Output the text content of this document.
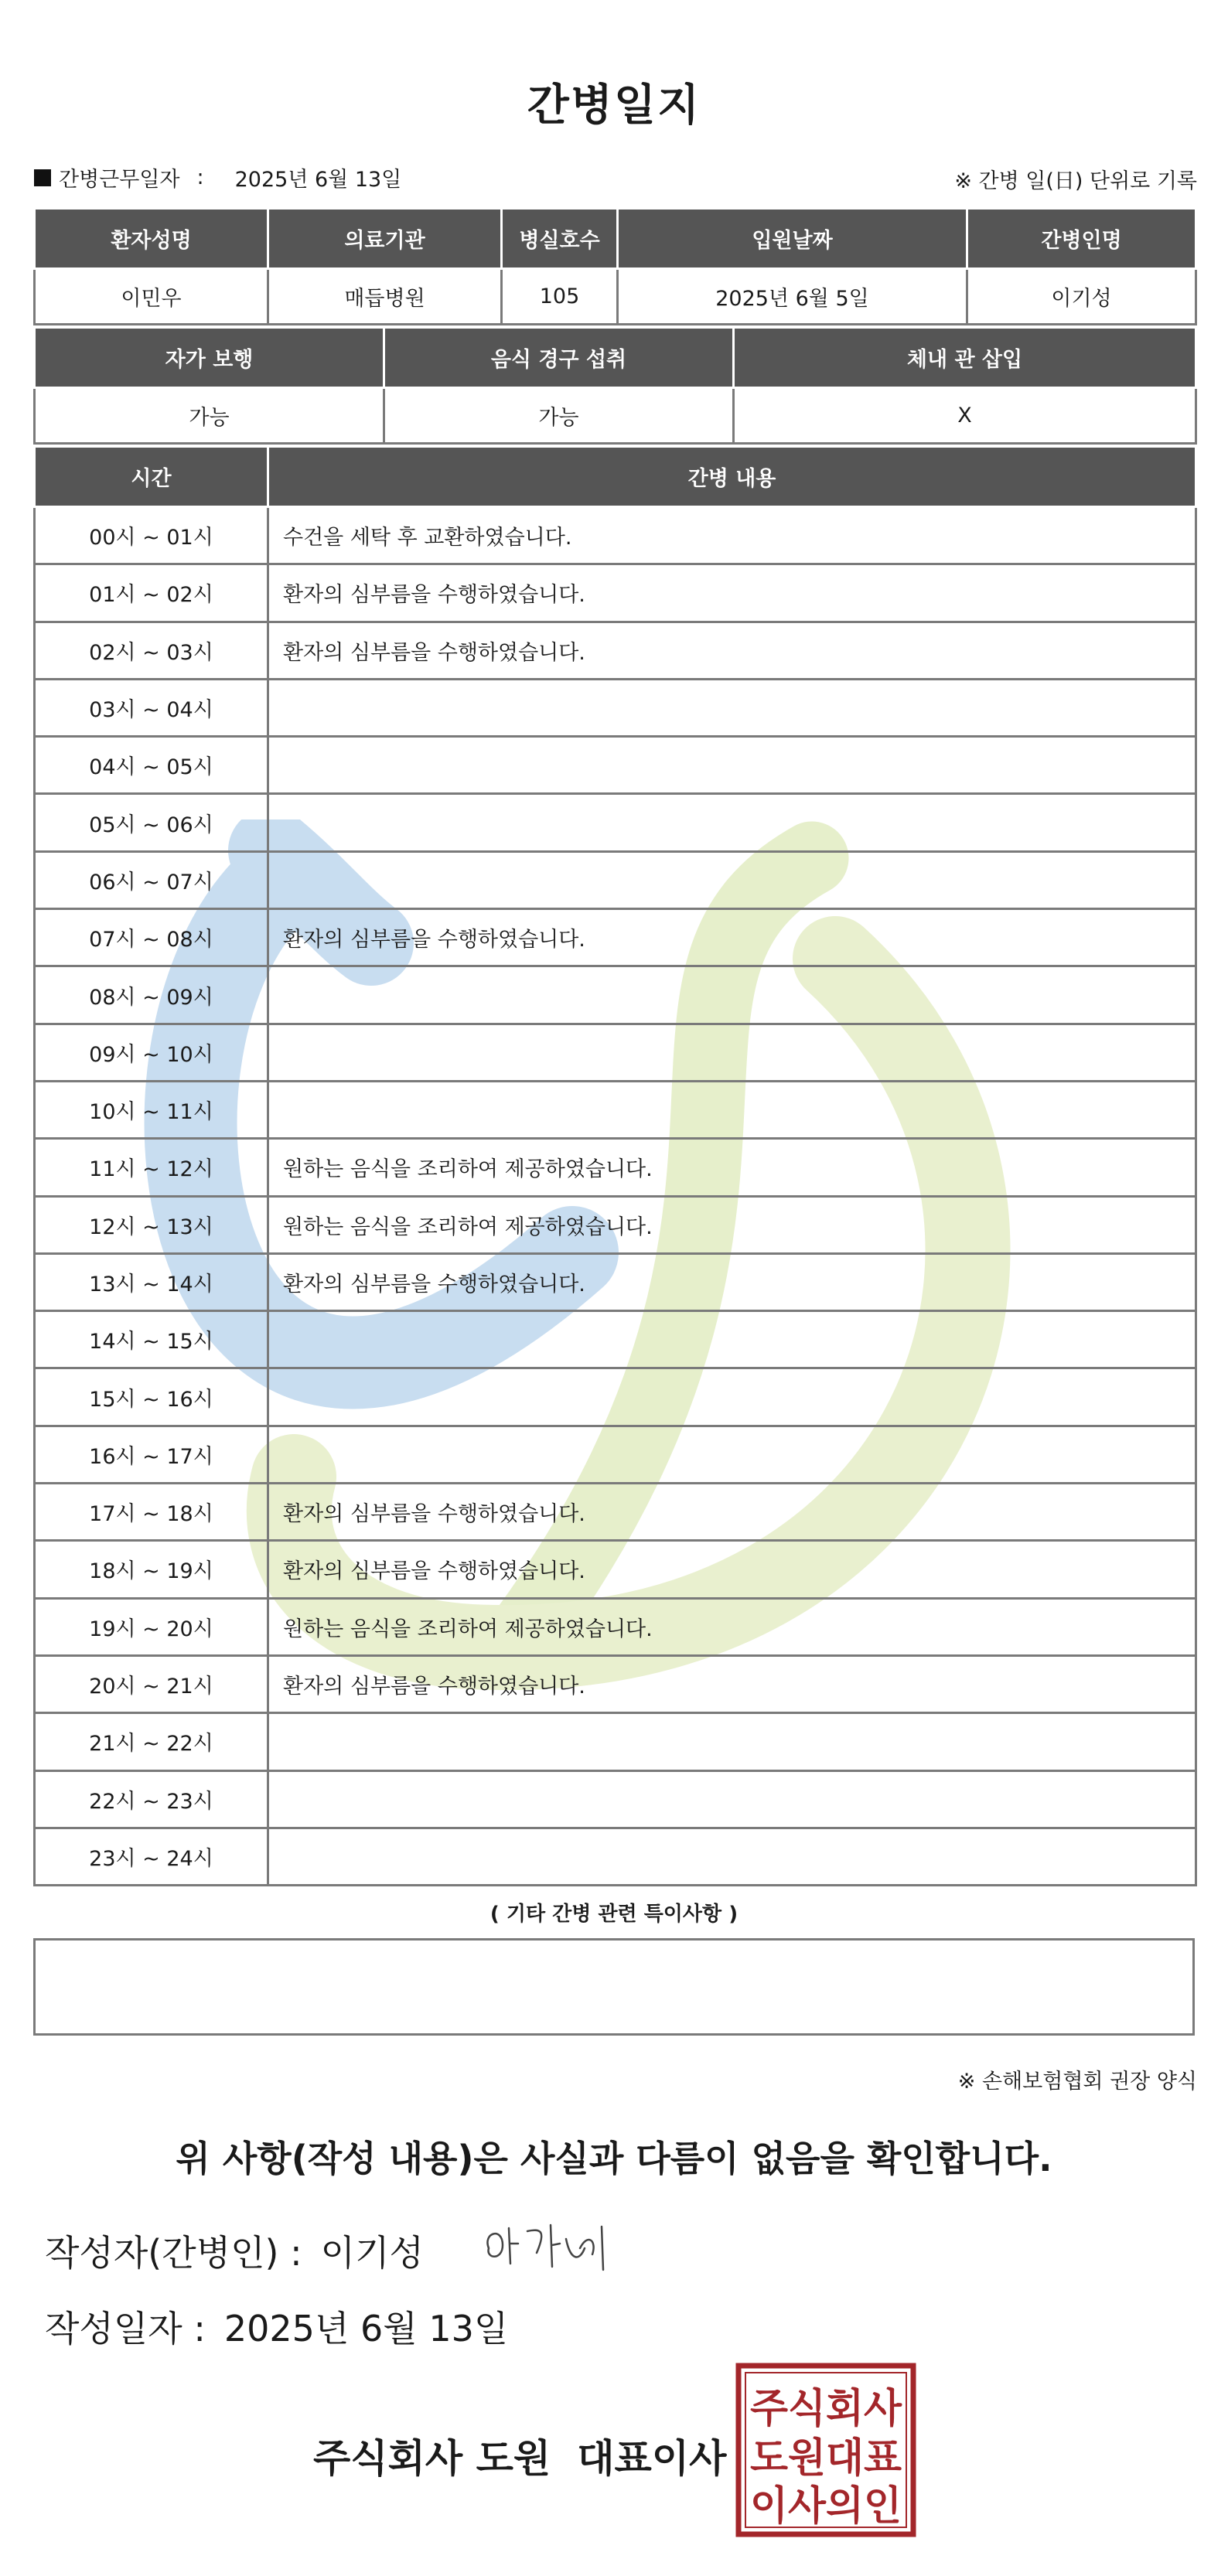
간병일지
간병근무일자 : 2025년 6월 13일	※ 간병 일(日) 단위로 기록
환자성명	의료기관	병실호수	입원날짜	간병인명
이민우	매듭병원	105	2025년 6월 5일	이기성
자가 보행	음식 경구 섭취	체내 관 삽입
가능	가능	X
시간	간병 내용
00시 ~ 01시	수건을 세탁 후 교환하였습니다.
01시 ~ 02시	환자의 심부름을 수행하였습니다.
02시 ~ 03시	환자의 심부름을 수행하였습니다.
03시 ~ 04시	
04시 ~ 05시	
05시 ~ 06시	
06시 ~ 07시	
07시 ~ 08시	환자의 심부름을 수행하였습니다.
08시 ~ 09시	
09시 ~ 10시	
10시 ~ 11시	
11시 ~ 12시	원하는 음식을 조리하여 제공하였습니다.
12시 ~ 13시	원하는 음식을 조리하여 제공하였습니다.
13시 ~ 14시	환자의 심부름을 수행하였습니다.
14시 ~ 15시	
15시 ~ 16시	
16시 ~ 17시	
17시 ~ 18시	환자의 심부름을 수행하였습니다.
18시 ~ 19시	환자의 심부름을 수행하였습니다.
19시 ~ 20시	원하는 음식을 조리하여 제공하였습니다.
20시 ~ 21시	환자의 심부름을 수행하였습니다.
21시 ~ 22시	
22시 ~ 23시	
23시 ~ 24시	
( 기타 간병 관련 특이사항 )
※ 손해보험협회 권장 양식
위 사항(작성 내용)은 사실과 다름이 없음을 확인합니다.
작성자(간병인) : 이기성
작성일자 : 2025년 6월 13일
주식회사 도원 대표이사
주식회사
도원대표
이사의인
